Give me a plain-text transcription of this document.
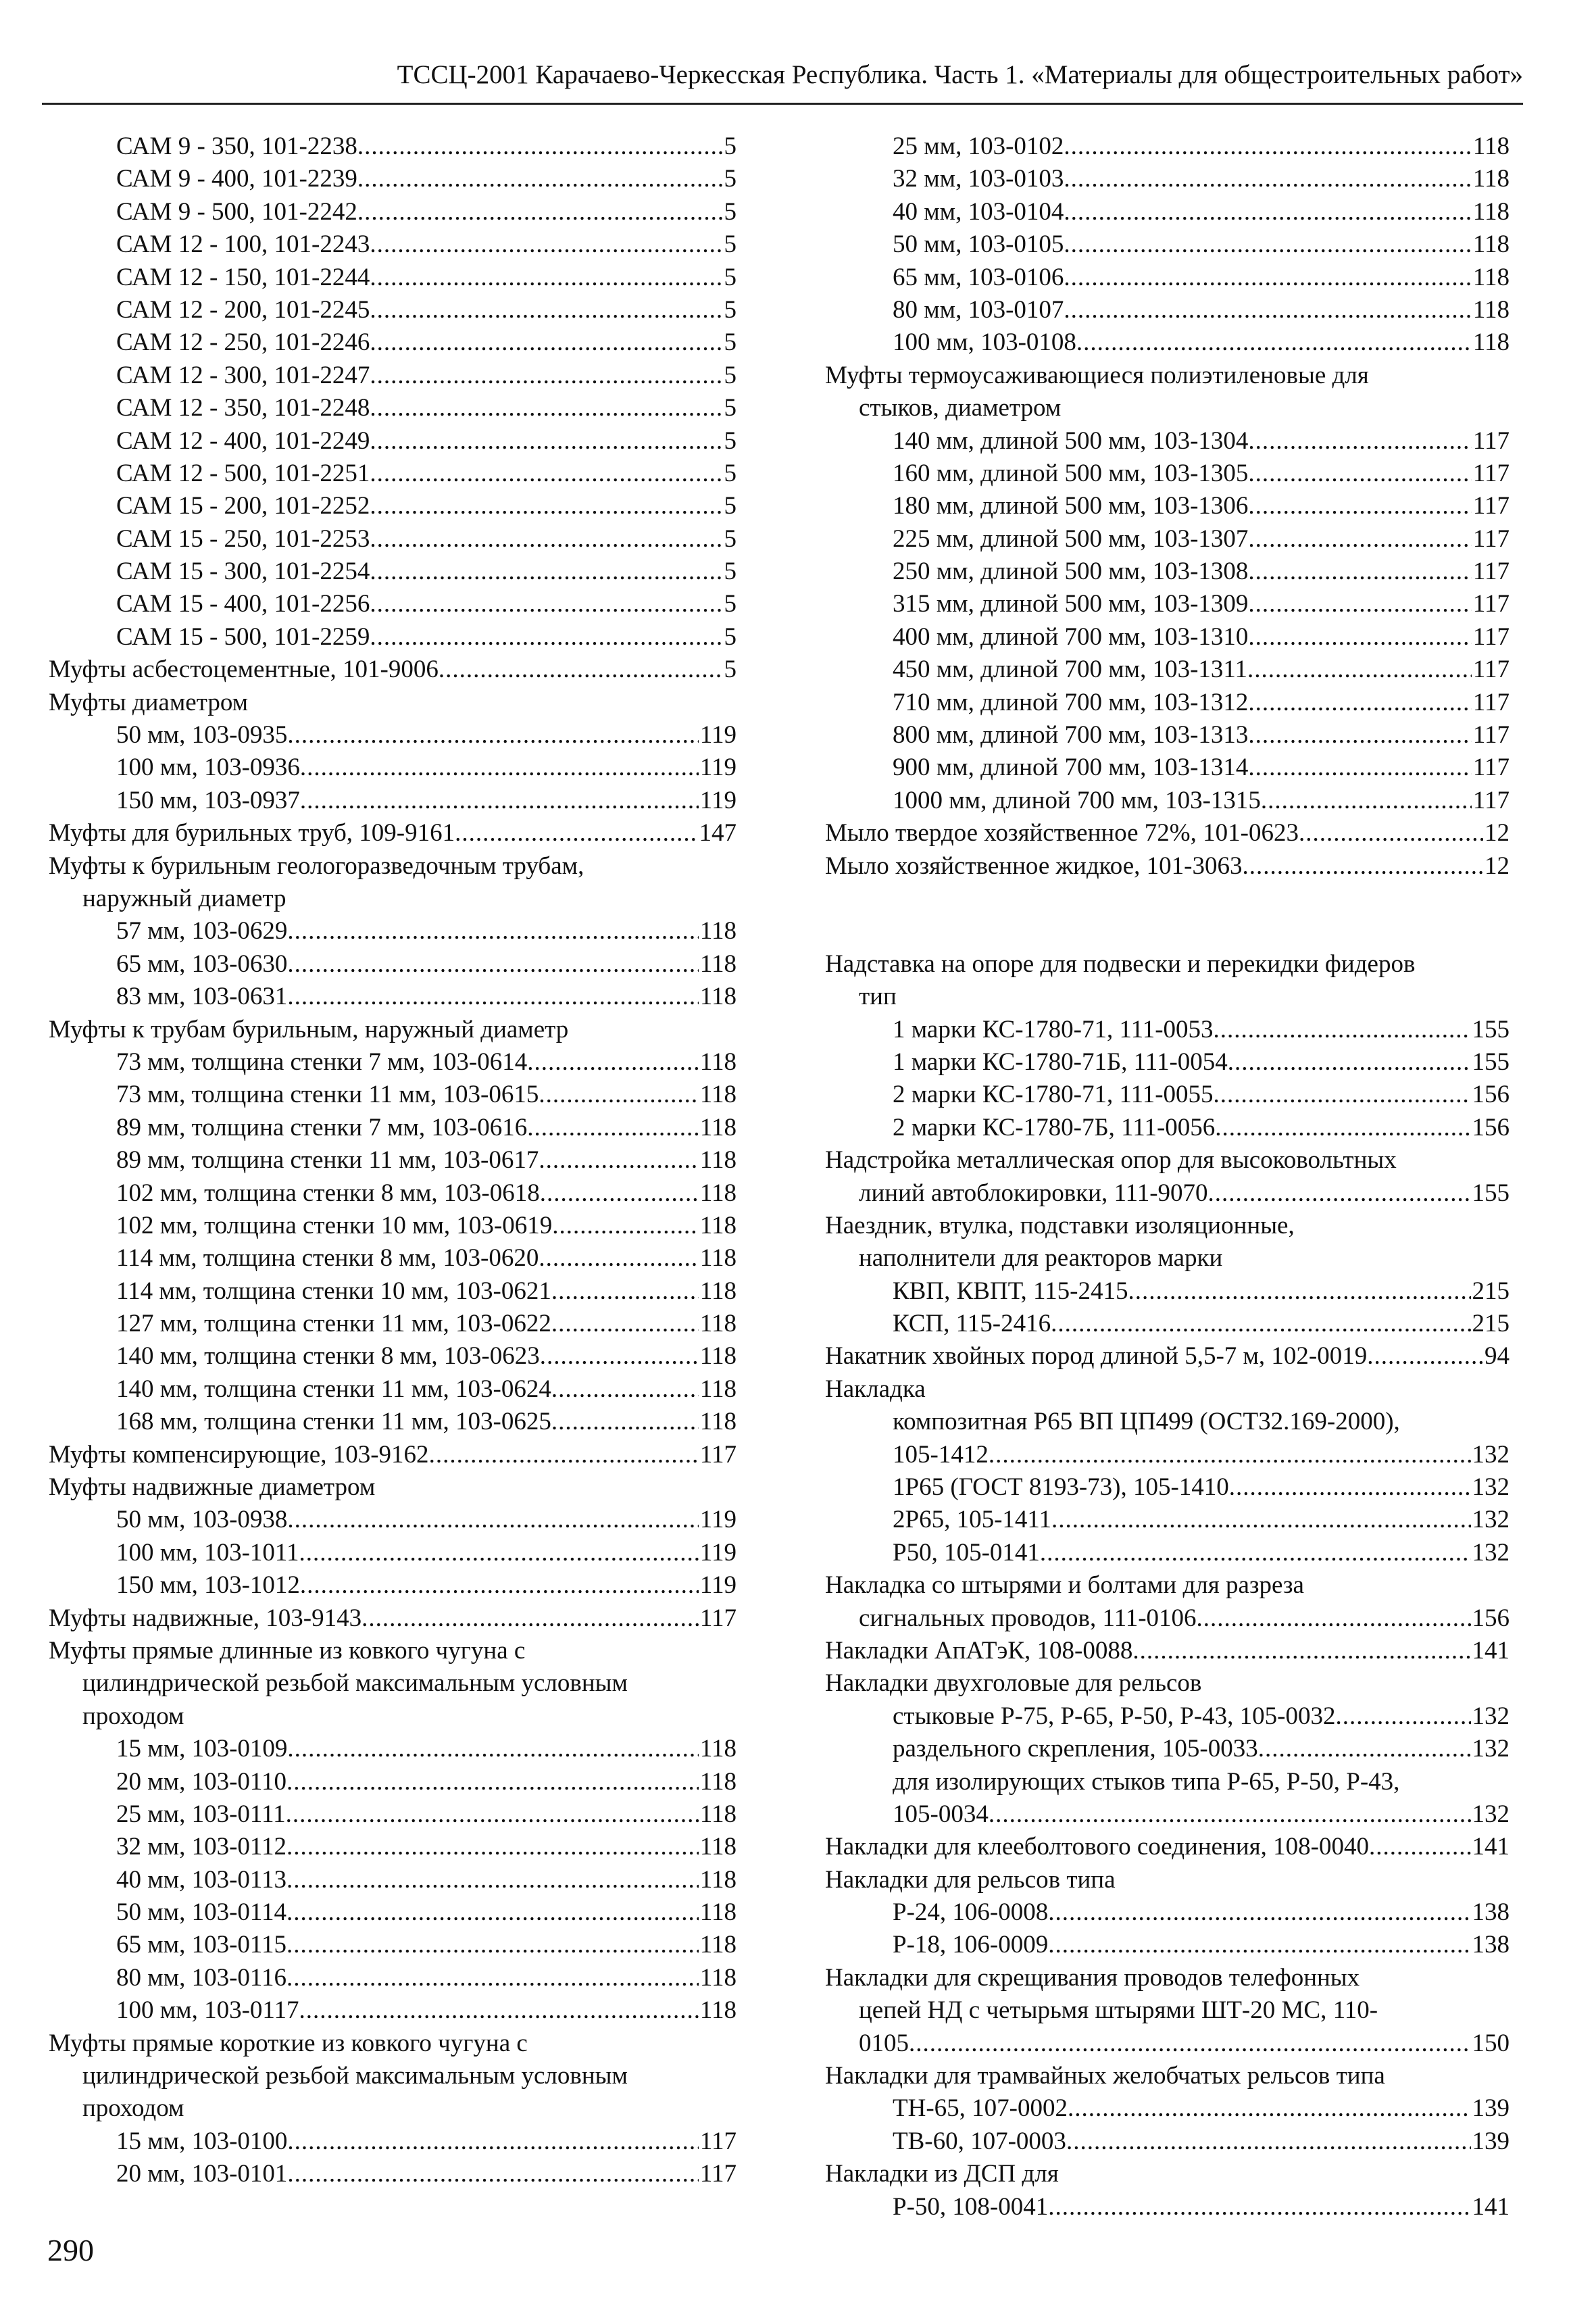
ТССЦ-2001 Карачаево-Черкесская Республика. Часть 1. «Материалы для общестроительных работ»
САМ 9 - 350, 101-2238 .....	5
САМ 9 - 400, 101-2239 .....	5
САМ 9 - 500, 101-2242 .....	5
САМ 12 - 100, 101-2243 .....	5
САМ 12 - 150, 101-2244 .....	5
САМ 12 - 200, 101-2245 .....	5
САМ 12 - 250, 101-2246 .....	5
САМ 12 - 300, 101-2247 .....	5
САМ 12 - 350, 101-2248 .....	5
САМ 12 - 400, 101-2249 .....	5
САМ 12 - 500, 101-2251 .....	5
САМ 15 - 200, 101-2252 .....	5
САМ 15 - 250, 101-2253 .....	5
САМ 15 - 300, 101-2254 .....	5
САМ 15 - 400, 101-2256 .....	5
САМ 15 - 500, 101-2259 .....	5
Муфты асбестоцементные, 101-9006 .....	5
Муфты диаметром
50 мм, 103-0935 .....	119
100 мм, 103-0936 .....	119
150 мм, 103-0937 .....	119
Муфты для бурильных труб, 109-9161 .....	147
Муфты к бурильным геологоразведочным трубам,
наружный диаметр
57 мм, 103-0629 .....	118
65 мм, 103-0630 .....	118
83 мм, 103-0631 .....	118
Муфты к трубам бурильным, наружный диаметр
73 мм, толщина стенки 7 мм, 103-0614 .....	118
73 мм, толщина стенки 11 мм, 103-0615 .....	118
89 мм, толщина стенки 7 мм, 103-0616 .....	118
89 мм, толщина стенки 11 мм, 103-0617 .....	118
102 мм, толщина стенки 8 мм, 103-0618 .....	118
102 мм, толщина стенки 10 мм, 103-0619 .....	118
114 мм, толщина стенки 8 мм, 103-0620 .....	118
114 мм, толщина стенки 10 мм, 103-0621 .....	118
127 мм, толщина стенки 11 мм, 103-0622 .....	118
140 мм, толщина стенки 8 мм, 103-0623 .....	118
140 мм, толщина стенки 11 мм, 103-0624 .....	118
168 мм, толщина стенки 11 мм, 103-0625 .....	118
Муфты компенсирующие, 103-9162 .....	117
Муфты надвижные диаметром
50 мм, 103-0938 .....	119
100 мм, 103-1011 .....	119
150 мм, 103-1012 .....	119
Муфты надвижные, 103-9143 .....	117
Муфты прямые длинные из ковкого чугуна с
цилиндрической резьбой максимальным условным
проходом
15 мм, 103-0109 .....	118
20 мм, 103-0110 .....	118
25 мм, 103-0111 .....	118
32 мм, 103-0112 .....	118
40 мм, 103-0113 .....	118
50 мм, 103-0114 .....	118
65 мм, 103-0115 .....	118
80 мм, 103-0116 .....	118
100 мм, 103-0117 .....	118
Муфты прямые короткие из ковкого чугуна с
цилиндрической резьбой максимальным условным
проходом
15 мм, 103-0100 .....	117
20 мм, 103-0101 .....	117
25 мм, 103-0102 .....	118
32 мм, 103-0103 .....	118
40 мм, 103-0104 .....	118
50 мм, 103-0105 .....	118
65 мм, 103-0106 .....	118
80 мм, 103-0107 .....	118
100 мм, 103-0108 .....	118
Муфты термоусаживающиеся полиэтиленовые для
стыков, диаметром
140 мм, длиной 500 мм, 103-1304 .....	117
160 мм, длиной 500 мм, 103-1305 .....	117
180 мм, длиной 500 мм, 103-1306 .....	117
225 мм, длиной 500 мм, 103-1307 .....	117
250 мм, длиной 500 мм, 103-1308 .....	117
315 мм, длиной 500 мм, 103-1309 .....	117
400 мм, длиной 700 мм, 103-1310 .....	117
450 мм, длиной 700 мм, 103-1311 .....	117
710 мм, длиной 700 мм, 103-1312 .....	117
800 мм, длиной 700 мм, 103-1313 .....	117
900 мм, длиной 700 мм, 103-1314 .....	117
1000 мм, длиной 700 мм, 103-1315 .....	117
Мыло твердое хозяйственное 72%, 101-0623 .....	12
Мыло хозяйственное жидкое, 101-3063 .....	12
Надставка на опоре для подвески и перекидки фидеров
тип
1 марки КС-1780-71, 111-0053 .....	155
1 марки КС-1780-71Б, 111-0054 .....	155
2 марки КС-1780-71, 111-0055 .....	156
2 марки КС-1780-7Б, 111-0056 .....	156
Надстройка металлическая опор для высоковольтных
линий автоблокировки, 111-9070 .....	155
Наездник, втулка, подставки изоляционные,
наполнители для реакторов марки
КВП, КВПТ, 115-2415 .....	215
КСП, 115-2416 .....	215
Накатник хвойных пород длиной 5,5-7 м, 102-0019 .....	94
Накладка
композитная Р65 ВП ЦП499 (ОСТ32.169-2000),
105-1412 .....	132
1Р65 (ГОСТ 8193-73), 105-1410 .....	132
2Р65, 105-1411 .....	132
Р50, 105-0141 .....	132
Накладка со штырями и болтами для разреза
сигнальных проводов, 111-0106 .....	156
Накладки АпАТэК, 108-0088 .....	141
Накладки двухголовые для рельсов
стыковые Р-75, Р-65, Р-50, Р-43, 105-0032 .....	132
раздельного скрепления, 105-0033 .....	132
для изолирующих стыков типа Р-65, Р-50, Р-43,
105-0034 .....	132
Накладки для клееболтового соединения, 108-0040 .....	141
Накладки для рельсов типа
Р-24, 106-0008 .....	138
Р-18, 106-0009 .....	138
Накладки для скрещивания проводов телефонных
цепей НД с четырьмя штырями ШТ-20 МС, 110-
0105 .....	150
Накладки для трамвайных желобчатых рельсов типа
ТН-65, 107-0002 .....	139
ТВ-60, 107-0003 .....	139
Накладки из ДСП для
Р-50, 108-0041 .....	141
290
